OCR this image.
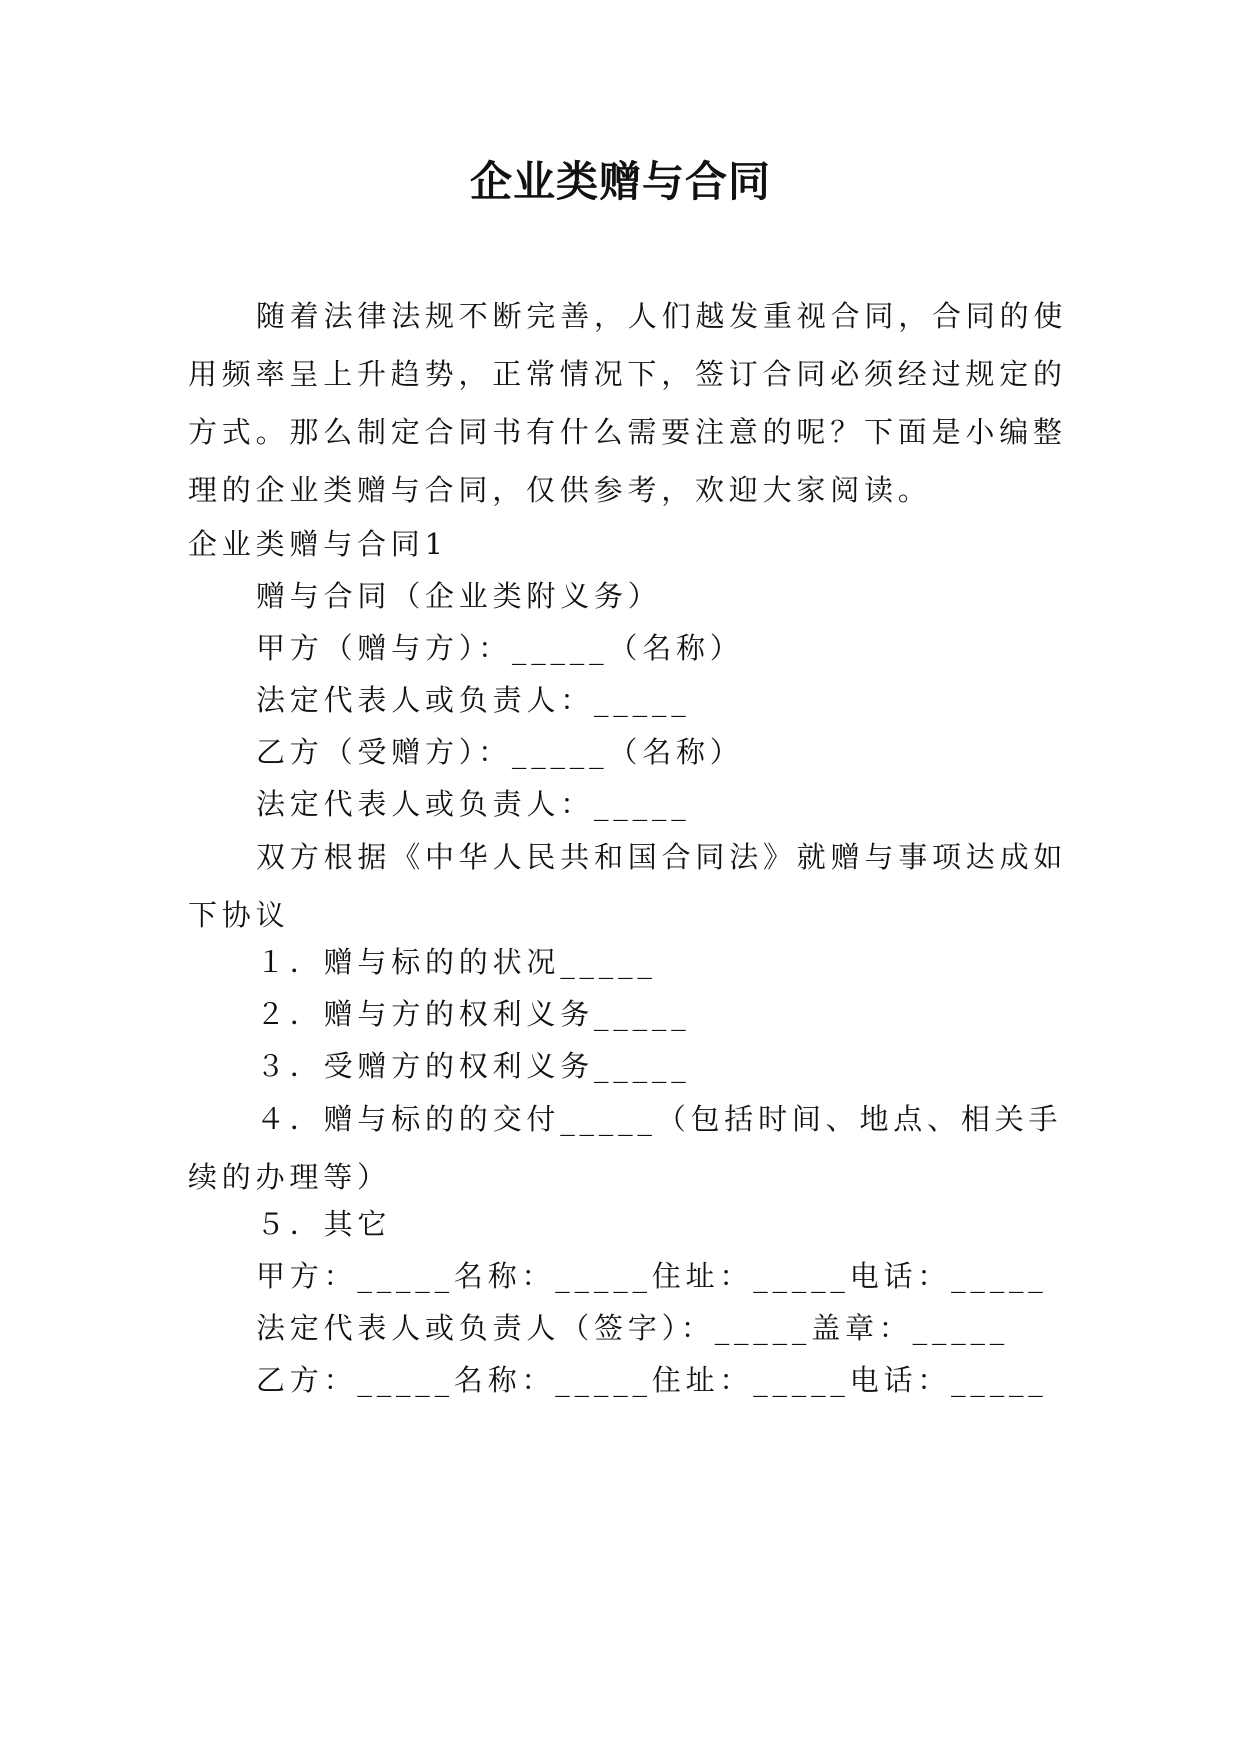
企业类赠与合同
随着法律法规不断完善，人们越发重视合同，合同的使用频率呈上升趋势，正常情况下，签订合同必须经过规定的方式。那么制定合同书有什么需要注意的呢？下面是小编整理的企业类赠与合同，仅供参考，欢迎大家阅读。
企业类赠与合同1
赠与合同（企业类附义务）
甲方（赠与方）：_____（名称）
法定代表人或负责人：_____
乙方（受赠方）：_____（名称）
法定代表人或负责人：_____
双方根据《中华人民共和国合同法》就赠与事项达成如下协议
１．赠与标的的状况_____
２．赠与方的权利义务_____
３．受赠方的权利义务_____
４．赠与标的的交付_____（包括时间、地点、相关手续的办理等）
５．其它
甲方：_____名称：_____住址：_____电话：_____
法定代表人或负责人（签字）：_____盖章：_____
乙方：_____名称：_____住址：_____电话：_____
